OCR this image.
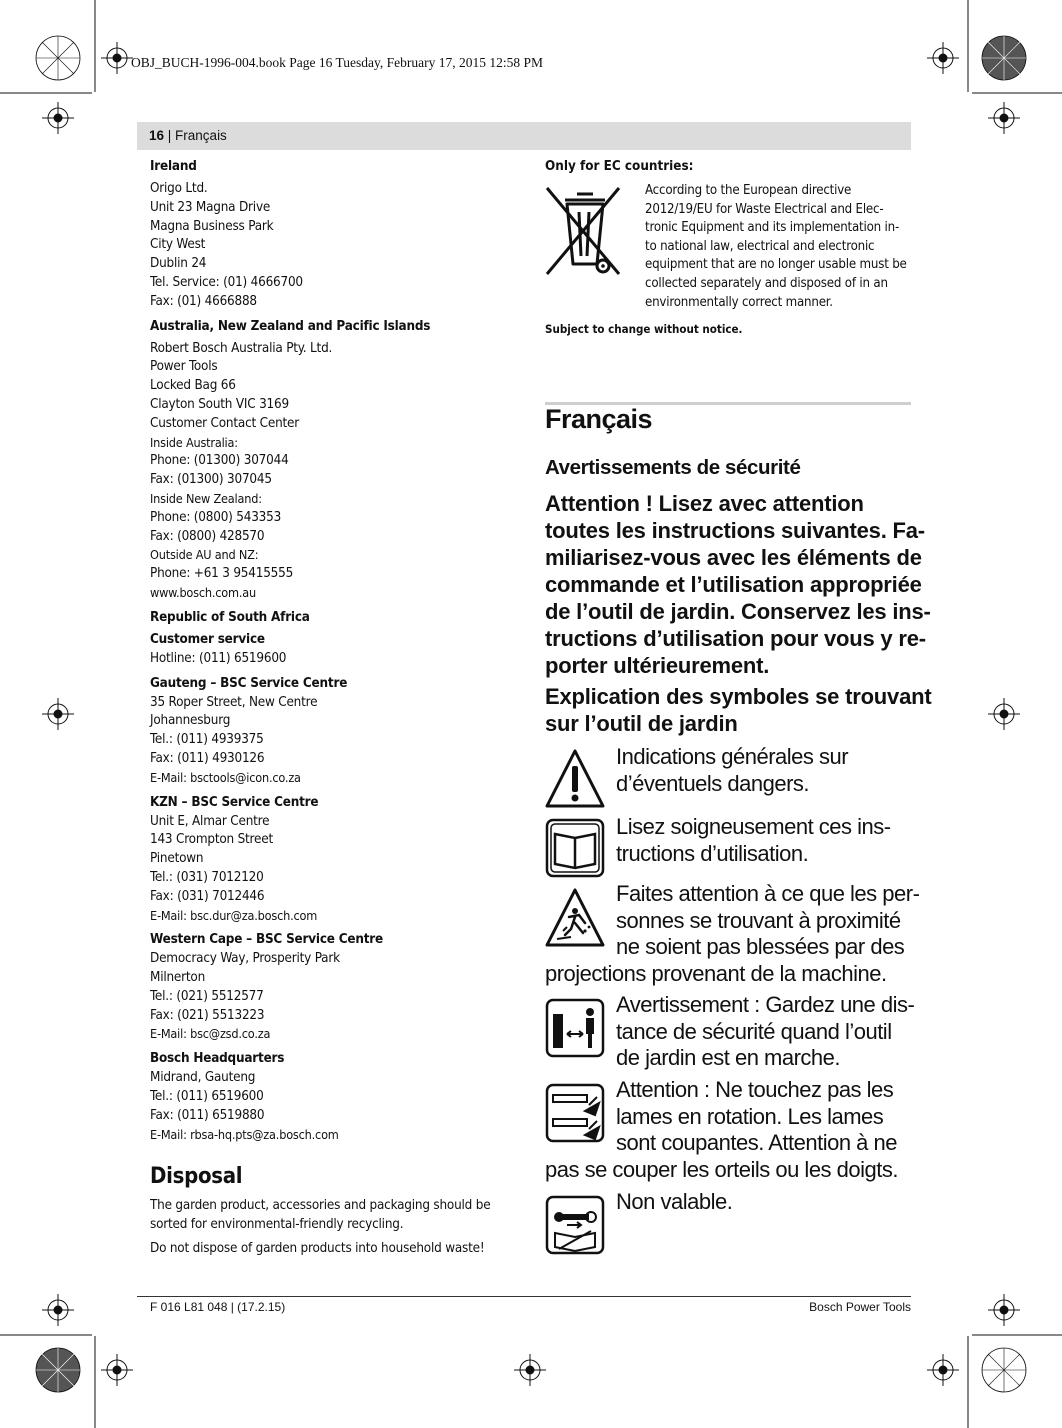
OBJ_BUCH-1996-004.book Page 16 Tuesday, February 17, 2015 12:58 PM
16 | Français
Ireland
Origo Ltd.
Unit 23 Magna Drive
Magna Business Park
City West
Dublin 24
Tel. Service: (01) 4666700
Fax: (01) 4666888
Australia, New Zealand and Pacific Islands
Robert Bosch Australia Pty. Ltd.
Power Tools
Locked Bag 66
Clayton South VIC 3169
Customer Contact Center
Inside Australia:
Phone: (01300) 307044
Fax: (01300) 307045
Inside New Zealand:
Phone: (0800) 543353
Fax: (0800) 428570
Outside AU and NZ:
Phone: +61 3 95415555
www.bosch.com.au
Republic of South Africa
Customer service
Hotline: (011) 6519600
Gauteng – BSC Service Centre
35 Roper Street, New Centre
Johannesburg
Tel.: (011) 4939375
Fax: (011) 4930126
E-Mail: bsctools@icon.co.za
KZN – BSC Service Centre
Unit E, Almar Centre
143 Crompton Street
Pinetown
Tel.: (031) 7012120
Fax: (031) 7012446
E-Mail: bsc.dur@za.bosch.com
Western Cape – BSC Service Centre
Democracy Way, Prosperity Park
Milnerton
Tel.: (021) 5512577
Fax: (021) 5513223
E-Mail: bsc@zsd.co.za
Bosch Headquarters
Midrand, Gauteng
Tel.: (011) 6519600
Fax: (011) 6519880
E-Mail: rbsa-hq.pts@za.bosch.com
Disposal
The garden product, accessories and packaging should be
sorted for environmental-friendly recycling.
Do not dispose of garden products into household waste!
Only for EC countries:
According to the European directive
2012/19/EU for Waste Electrical and Elec-
tronic Equipment and its implementation in-
to national law, electrical and electronic
equipment that are no longer usable must be
collected separately and disposed of in an
environmentally correct manner.
Subject to change without notice.
Français
Avertissements de sécurité
Attention ! Lisez avec attention
toutes les instructions suivantes. Fa-
miliarisez-vous avec les éléments de
commande et l’utilisation appropriée
de l’outil de jardin. Conservez les ins-
tructions d’utilisation pour vous y re-
porter ultérieurement.
Explication des symboles se trouvant
sur l’outil de jardin
Indications générales sur
d’éventuels dangers.
Lisez soigneusement ces ins-
tructions d’utilisation.
Faites attention à ce que les per-
sonnes se trouvant à proximité
ne soient pas blessées par des
projections provenant de la machine.
Avertissement : Gardez une dis-
tance de sécurité quand l’outil
de jardin est en marche.
Attention : Ne touchez pas les
lames en rotation. Les lames
sont coupantes. Attention à ne
pas se couper les orteils ou les doigts.
Non valable.
F 016 L81 048 | (17.2.15)	Bosch Power Tools
